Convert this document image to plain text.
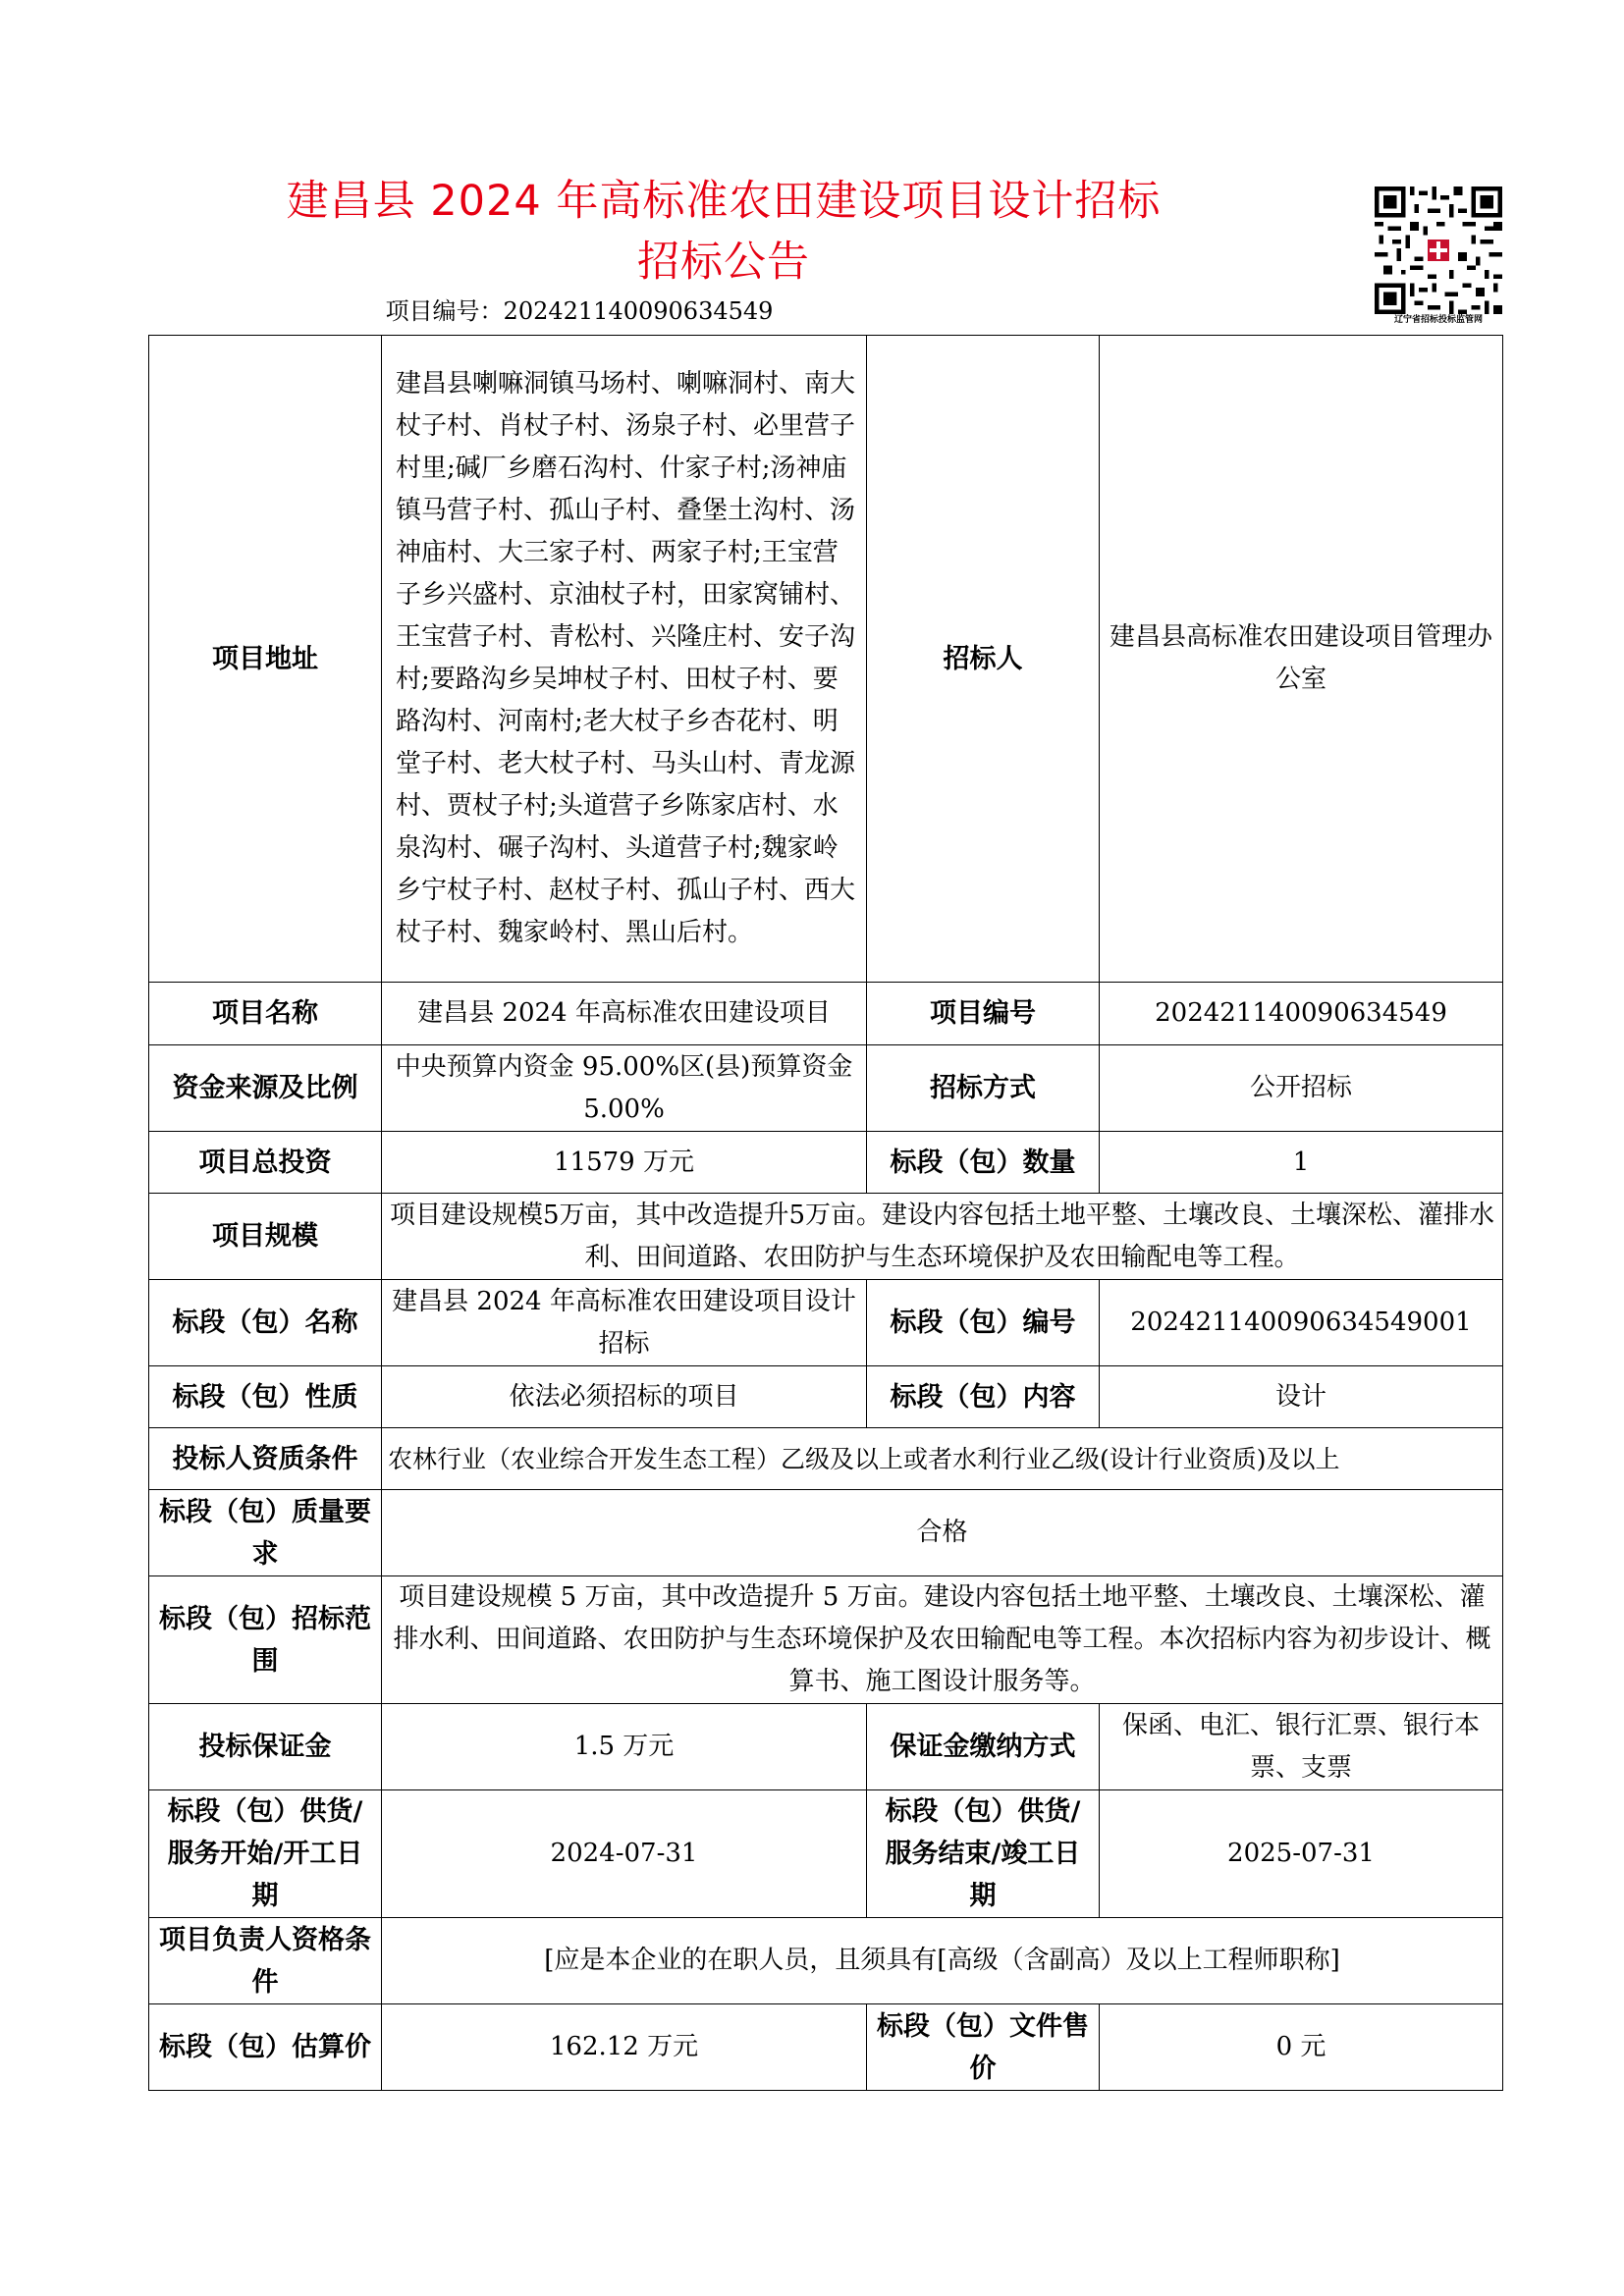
建昌县 2024 年高标准农田建设项目设计招标
招标公告
项目编号：202421140090634549	辽宁省招标投标监管网
项目地址	建昌县喇嘛洞镇马场村、喇嘛洞村、南大杖子村、肖杖子村、汤泉子村、必里营子村里;碱厂乡磨石沟村、什家子村;汤神庙镇马营子村、孤山子村、叠堡土沟村、汤神庙村、大三家子村、两家子村;王宝营子乡兴盛村、京油杖子村，田家窝铺村、王宝营子村、青松村、兴隆庄村、安子沟村;要路沟乡吴坤杖子村、田杖子村、要路沟村、河南村;老大杖子乡杏花村、明堂子村、老大杖子村、马头山村、青龙源村、贾杖子村;头道营子乡陈家店村、水泉沟村、碾子沟村、头道营子村;魏家岭乡宁杖子村、赵杖子村、孤山子村、西大杖子村、魏家岭村、黑山后村。	招标人	建昌县高标准农田建设项目管理办公室
项目名称	建昌县 2024 年高标准农田建设项目	项目编号	202421140090634549
资金来源及比例	中央预算内资金 95.00%区(县)预算资金 5.00%	招标方式	公开招标
项目总投资	11579 万元	标段（包）数量	1
项目规模	项目建设规模5万亩，其中改造提升5万亩。建设内容包括土地平整、土壤改良、土壤深松、灌排水利、田间道路、农田防护与生态环境保护及农田输配电等工程。		
标段（包）名称	建昌县 2024 年高标准农田建设项目设计招标	标段（包）编号	202421140090634549001
标段（包）性质	依法必须招标的项目	标段（包）内容	设计
投标人资质条件	农林行业（农业综合开发生态工程）乙级及以上或者水利行业乙级(设计行业资质)及以上		
标段（包）质量要求	合格		
标段（包）招标范围	项目建设规模 5 万亩，其中改造提升 5 万亩。建设内容包括土地平整、土壤改良、土壤深松、灌排水利、田间道路、农田防护与生态环境保护及农田输配电等工程。本次招标内容为初步设计、概算书、施工图设计服务等。		
投标保证金	1.5 万元	保证金缴纳方式	保函、电汇、银行汇票、银行本票、支票
标段（包）供货/服务开始/开工日期	2024-07-31	标段（包）供货/服务结束/竣工日期	2025-07-31
项目负责人资格条件	[应是本企业的在职人员，且须具有[高级（含副高）及以上工程师职称]		
标段（包）估算价	162.12 万元	标段（包）文件售价	0 元
